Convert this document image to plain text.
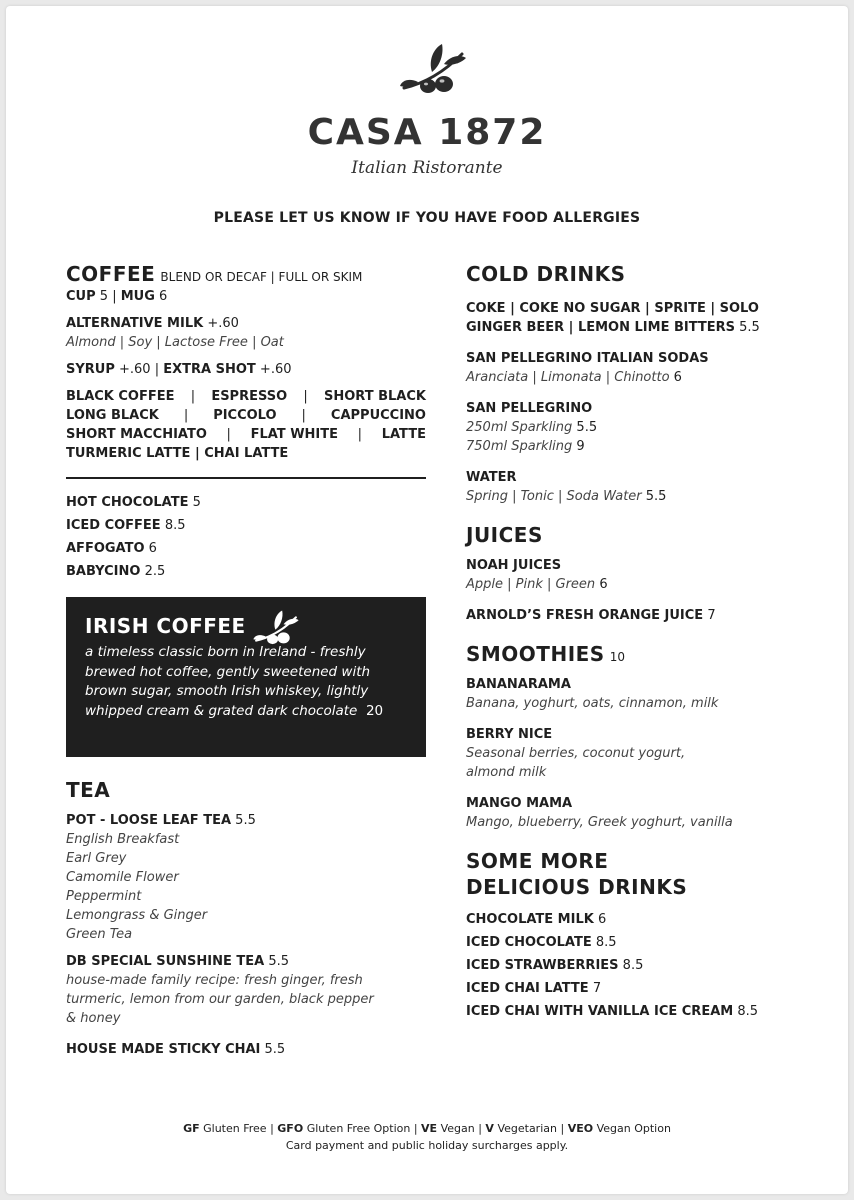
CASA 1872
Italian Ristorante
PLEASE LET US KNOW IF YOU HAVE FOOD ALLERGIES
COFFEE BLEND OR DECAF | FULL OR SKIM
CUP 5 | MUG 6
ALTERNATIVE MILK +.60
Almond | Soy | Lactose Free | Oat
SYRUP +.60 | EXTRA SHOT +.60
BLACK COFFEE | ESPRESSO | SHORT BLACK
LONG BLACK | PICCOLO | CAPPUCCINO
SHORT MACCHIATO | FLAT WHITE | LATTE
TURMERIC LATTE | CHAI LATTE
HOT CHOCOLATE 5
ICED COFFEE 8.5
AFFOGATO 6
BABYCINO 2.5
IRISH COFFEE
a timeless classic born in Ireland - freshly
brewed hot coffee, gently sweetened with
brown sugar, smooth Irish whiskey, lightly
whipped cream & grated dark chocolate 20
TEA
POT - LOOSE LEAF TEA 5.5
English Breakfast
Earl Grey
Camomile Flower
Peppermint
Lemongrass & Ginger
Green Tea
DB SPECIAL SUNSHINE TEA 5.5
house-made family recipe: fresh ginger, fresh
turmeric, lemon from our garden, black pepper
& honey
HOUSE MADE STICKY CHAI 5.5
COLD DRINKS
COKE | COKE NO SUGAR | SPRITE | SOLO
GINGER BEER | LEMON LIME BITTERS 5.5
SAN PELLEGRINO ITALIAN SODAS
Aranciata | Limonata | Chinotto 6
SAN PELLEGRINO
250ml Sparkling 5.5
750ml Sparkling 9
WATER
Spring | Tonic | Soda Water 5.5
JUICES
NOAH JUICES
Apple | Pink | Green 6
ARNOLD’S FRESH ORANGE JUICE 7
SMOOTHIES 10
BANANARAMA
Banana, yoghurt, oats, cinnamon, milk
BERRY NICE
Seasonal berries, coconut yogurt,
almond milk
MANGO MAMA
Mango, blueberry, Greek yoghurt, vanilla
SOME MORE
DELICIOUS DRINKS
CHOCOLATE MILK 6
ICED CHOCOLATE 8.5
ICED STRAWBERRIES 8.5
ICED CHAI LATTE 7
ICED CHAI WITH VANILLA ICE CREAM 8.5
GF Gluten Free | GFO Gluten Free Option | VE Vegan | V Vegetarian | VEO Vegan Option
Card payment and public holiday surcharges apply.
